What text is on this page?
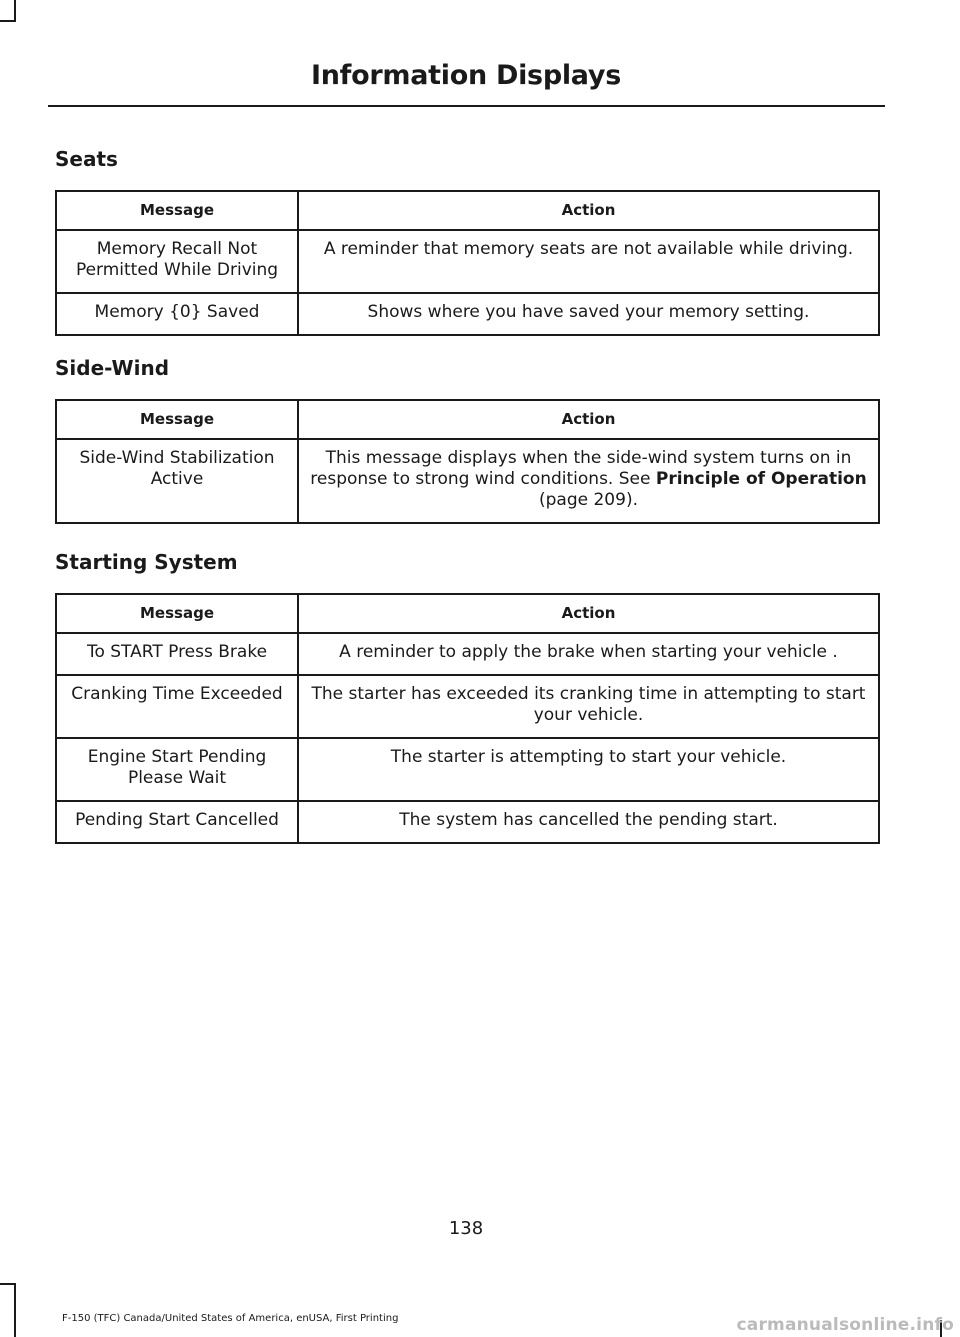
Information Displays
Seats
Message	Action
Memory Recall Not Permitted While Driving	A reminder that memory seats are not available while driving.
Memory {0} Saved	Shows where you have saved your memory setting.
Side-Wind
Message	Action
Side-Wind Stabilization Active	This message displays when the side-wind system turns on in response to strong wind conditions. See Principle of Operation (page 209).
Starting System
Message	Action
To START Press Brake	A reminder to apply the brake when starting your vehicle .
Cranking Time Exceeded	The starter has exceeded its cranking time in attempting to start your vehicle.
Engine Start Pending Please Wait	The starter is attempting to start your vehicle.
Pending Start Cancelled	The system has cancelled the pending start.
138
F-150 (TFC) Canada/United States of America, enUSA, First Printing	carmanualsonline.info
